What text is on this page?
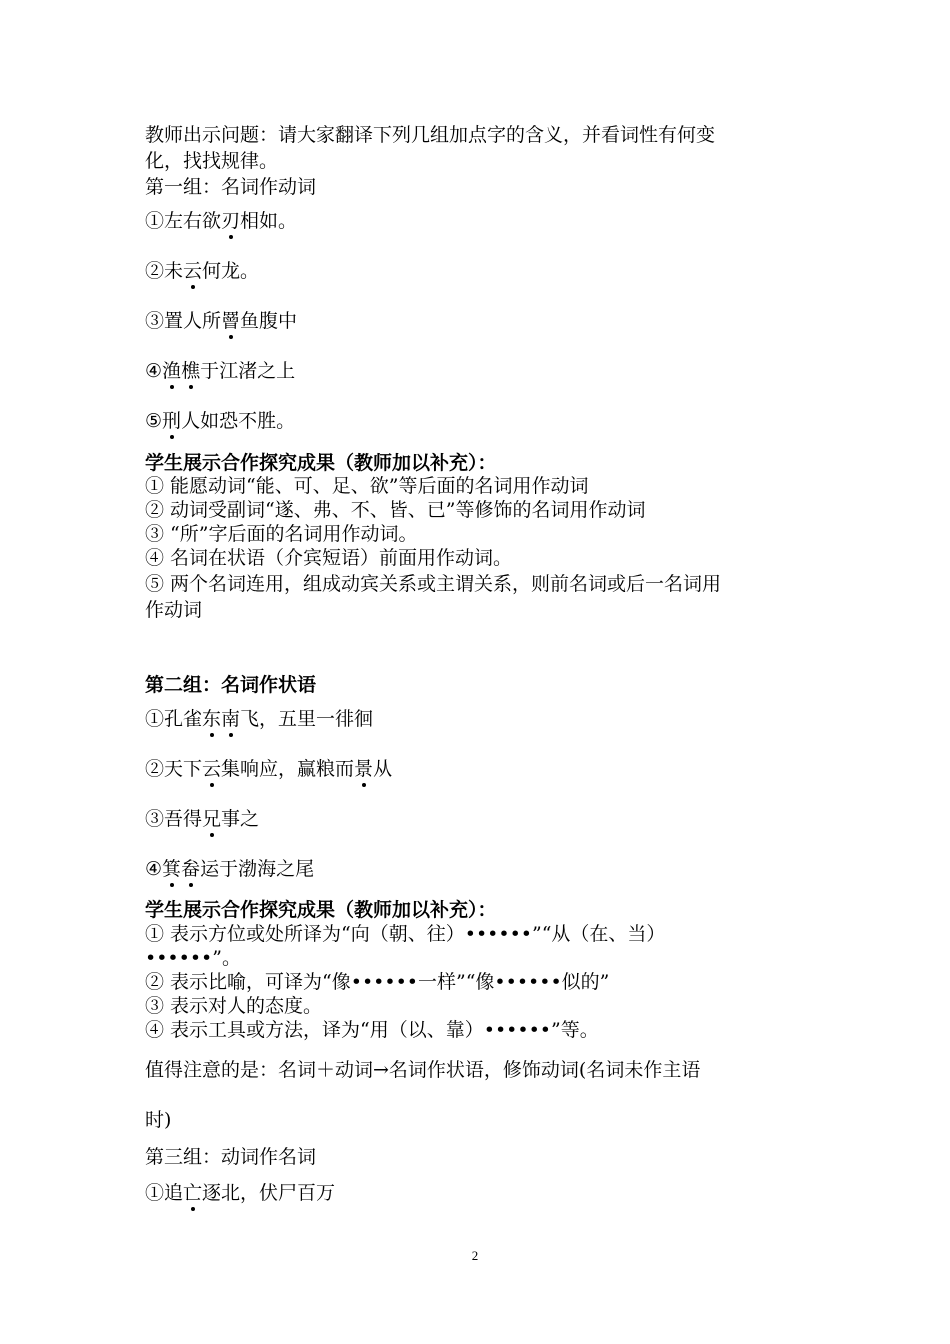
教师出示问题：请大家翻译下列几组加点字的含义，并看词性有何变
化，找找规律。
第一组：名词作动词
①左右欲刃相如。
②未云何龙。
③置人所罾鱼腹中
④渔樵于江渚之上
⑤刑人如恐不胜。
学生展示合作探究成果（教师加以补充）：
① 能愿动词“能、可、足、欲”等后面的名词用作动词
② 动词受副词“遂、弗、不、皆、已”等修饰的名词用作动词
③ “所”字后面的名词用作动词。
④ 名词在状语（介宾短语）前面用作动词。
⑤ 两个名词连用，组成动宾关系或主谓关系，则前名词或后一名词用
作动词
第二组：名词作状语
①孔雀东南飞，五里一徘徊
②天下云集响应，赢粮而景从
③吾得兄事之
④箕畚运于渤海之尾
学生展示合作探究成果（教师加以补充）：
① 表示方位或处所译为“向（朝、往）••••••”“从（在、当）
••••••”。
② 表示比喻，可译为“像••••••一样”“像••••••似的”
③ 表示对人的态度。
④ 表示工具或方法，译为“用（以、靠）••••••”等。
值得注意的是：名词＋动词→名词作状语，修饰动词(名词未作主语
时)
第三组：动词作名词
①追亡逐北，伏尸百万
2
